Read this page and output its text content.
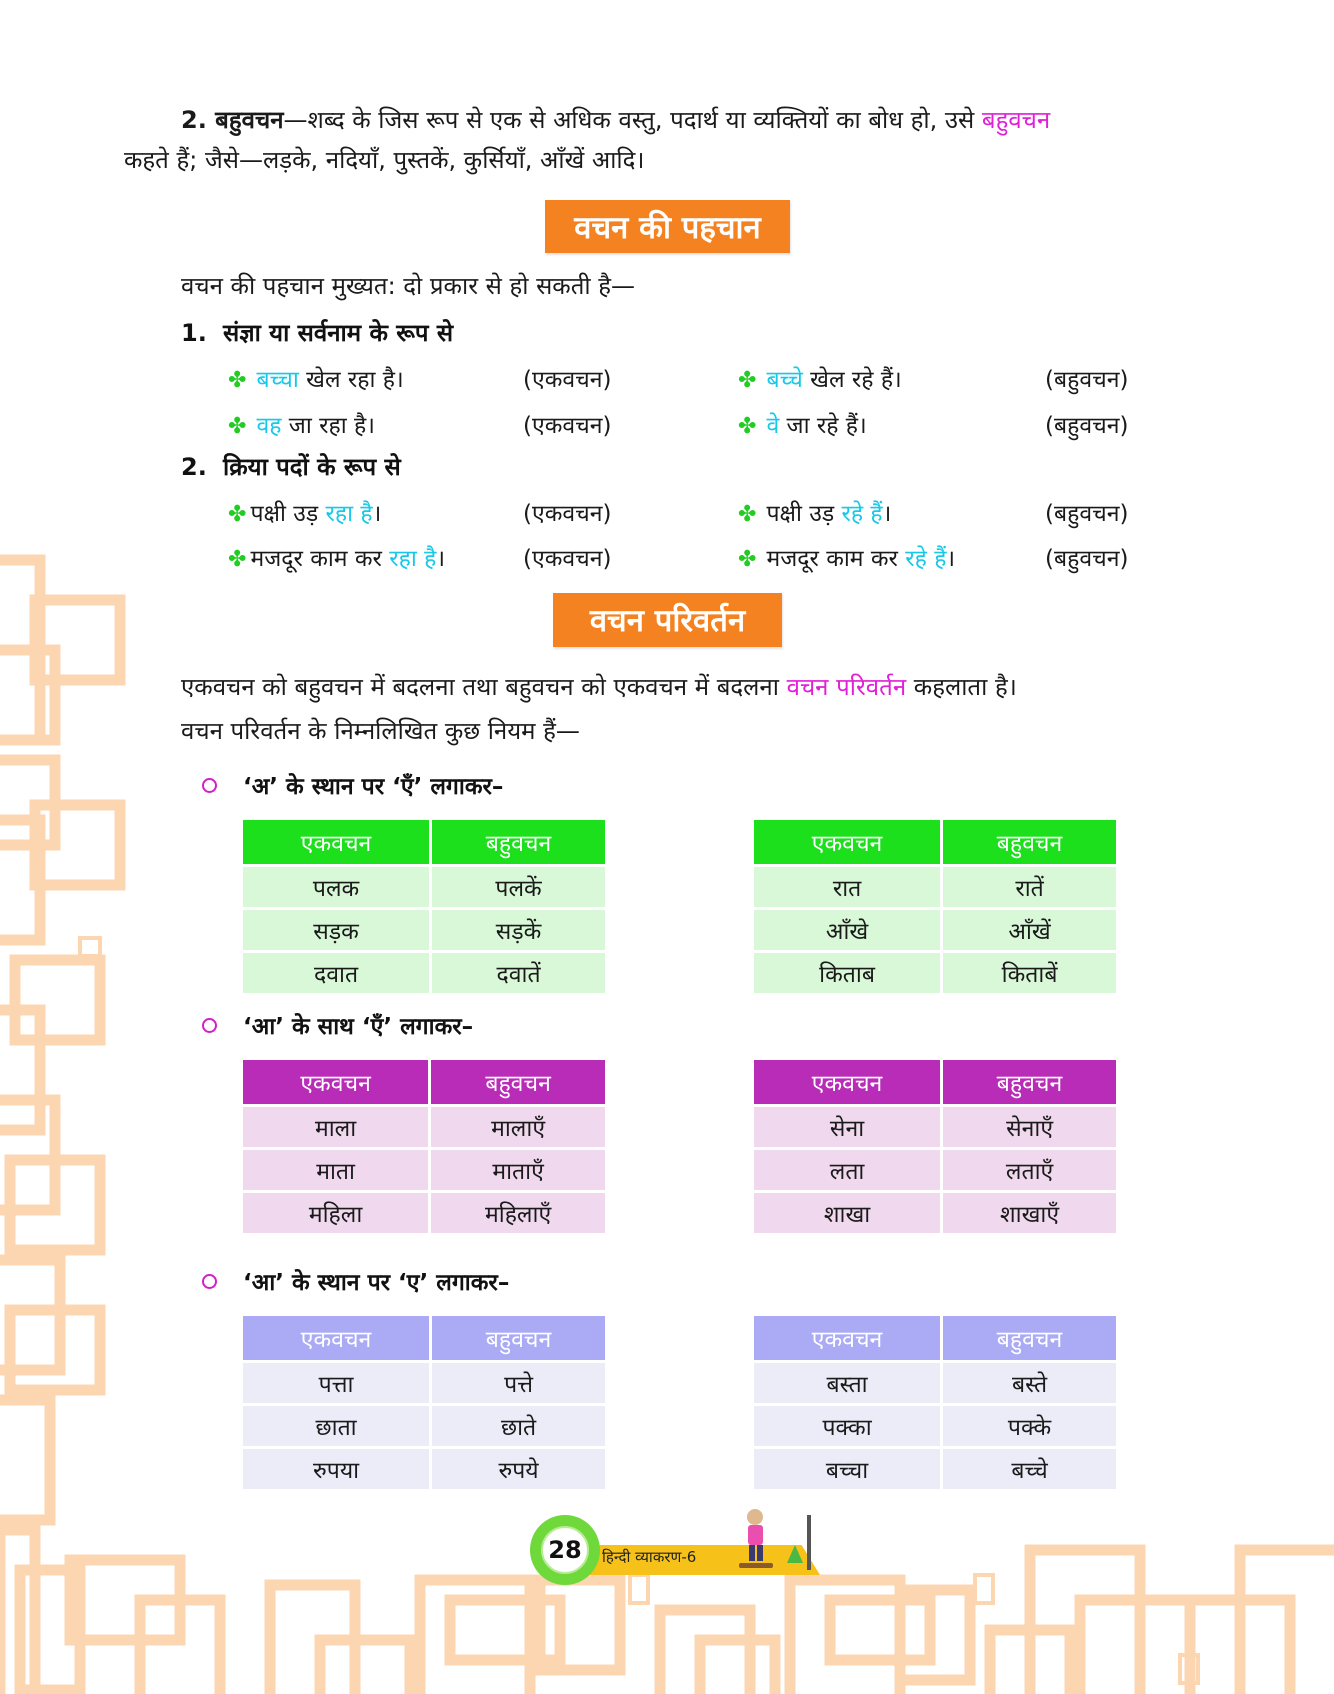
2. बहुवचन—शब्द के जिस रूप से एक से अधिक वस्तु, पदार्थ या व्यक्तियों का बोध हो, उसे बहुवचन
कहते हैं; जैसे—लड़के, नदियाँ, पुस्तकें, कुर्सियाँ, आँखें आदि।
वचन की पहचान
वचन की पहचान मुख्यत: दो प्रकार से हो सकती है—
1. संज्ञा या सर्वनाम के रूप से
✤ बच्चा खेल रहा है।	(एकवचन)	✤ बच्चे खेल रहे हैं।	(बहुवचन)
✤ वह जा रहा है।	(एकवचन)	✤ वे जा रहे हैं।	(बहुवचन)
2. क्रिया पदों के रूप से
✤ पक्षी उड़ रहा है।	(एकवचन)	✤ पक्षी उड़ रहे हैं।	(बहुवचन)
✤ मजदूर काम कर रहा है।	(एकवचन)	✤ मजदूर काम कर रहे हैं।	(बहुवचन)
वचन परिवर्तन
एकवचन को बहुवचन में बदलना तथा बहुवचन को एकवचन में बदलना वचन परिवर्तन कहलाता है।
वचन परिवर्तन के निम्नलिखित कुछ नियम हैं—
‘अ’ के स्थान पर ‘एँ’ लगाकर–
एकवचन	बहुवचन
पलक	पलकें
सड़क	सड़कें
दवात	दवातें
एकवचन	बहुवचन
रात	रातें
आँखे	आँखें
किताब	किताबें
‘आ’ के साथ ‘एँ’ लगाकर–
एकवचन	बहुवचन
माला	मालाएँ
माता	माताएँ
महिला	महिलाएँ
एकवचन	बहुवचन
सेना	सेनाएँ
लता	लताएँ
शाखा	शाखाएँ
‘आ’ के स्थान पर ‘ए’ लगाकर–
एकवचन	बहुवचन
पत्ता	पत्ते
छाता	छाते
रुपया	रुपये
एकवचन	बहुवचन
बस्ता	बस्ते
पक्का	पक्के
बच्चा	बच्चे
हिन्दी व्याकरण-6
28
